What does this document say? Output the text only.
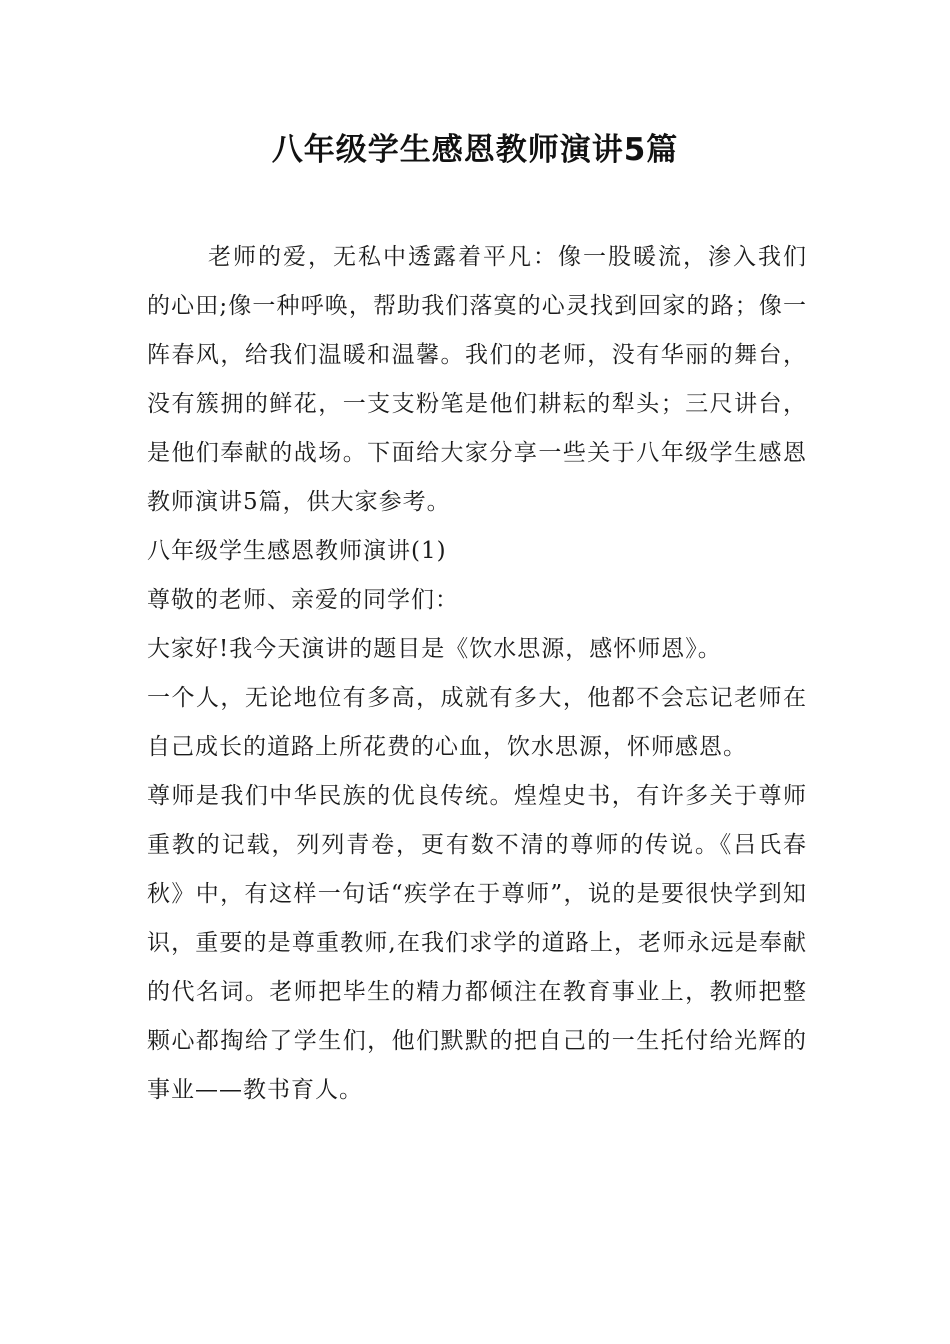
八年级学生感恩教师演讲5篇

老师的爱，无私中透露着平凡：像一股暖流，渗入我们的心田;像一种呼唤，帮助我们落寞的心灵找到回家的路；像一阵春风，给我们温暖和温馨。我们的老师，没有华丽的舞台，没有簇拥的鲜花，一支支粉笔是他们耕耘的犁头；三尺讲台，是他们奉献的战场。下面给大家分享一些关于八年级学生感恩教师演讲5篇，供大家参考。

八年级学生感恩教师演讲(1)

尊敬的老师、亲爱的同学们：

大家好!我今天演讲的题目是《饮水思源，感怀师恩》。

一个人，无论地位有多高，成就有多大，他都不会忘记老师在自己成长的道路上所花费的心血，饮水思源，怀师感恩。

尊师是我们中华民族的优良传统。煌煌史书，有许多关于尊师重教的记载，列列青卷，更有数不清的尊师的传说。《吕氏春秋》中，有这样一句话“疾学在于尊师”，说的是要很快学到知识，重要的是尊重教师,在我们求学的道路上，老师永远是奉献的代名词。老师把毕生的精力都倾注在教育事业上，教师把整颗心都掏给了学生们，他们默默的把自己的一生托付给光辉的事业——教书育人。
